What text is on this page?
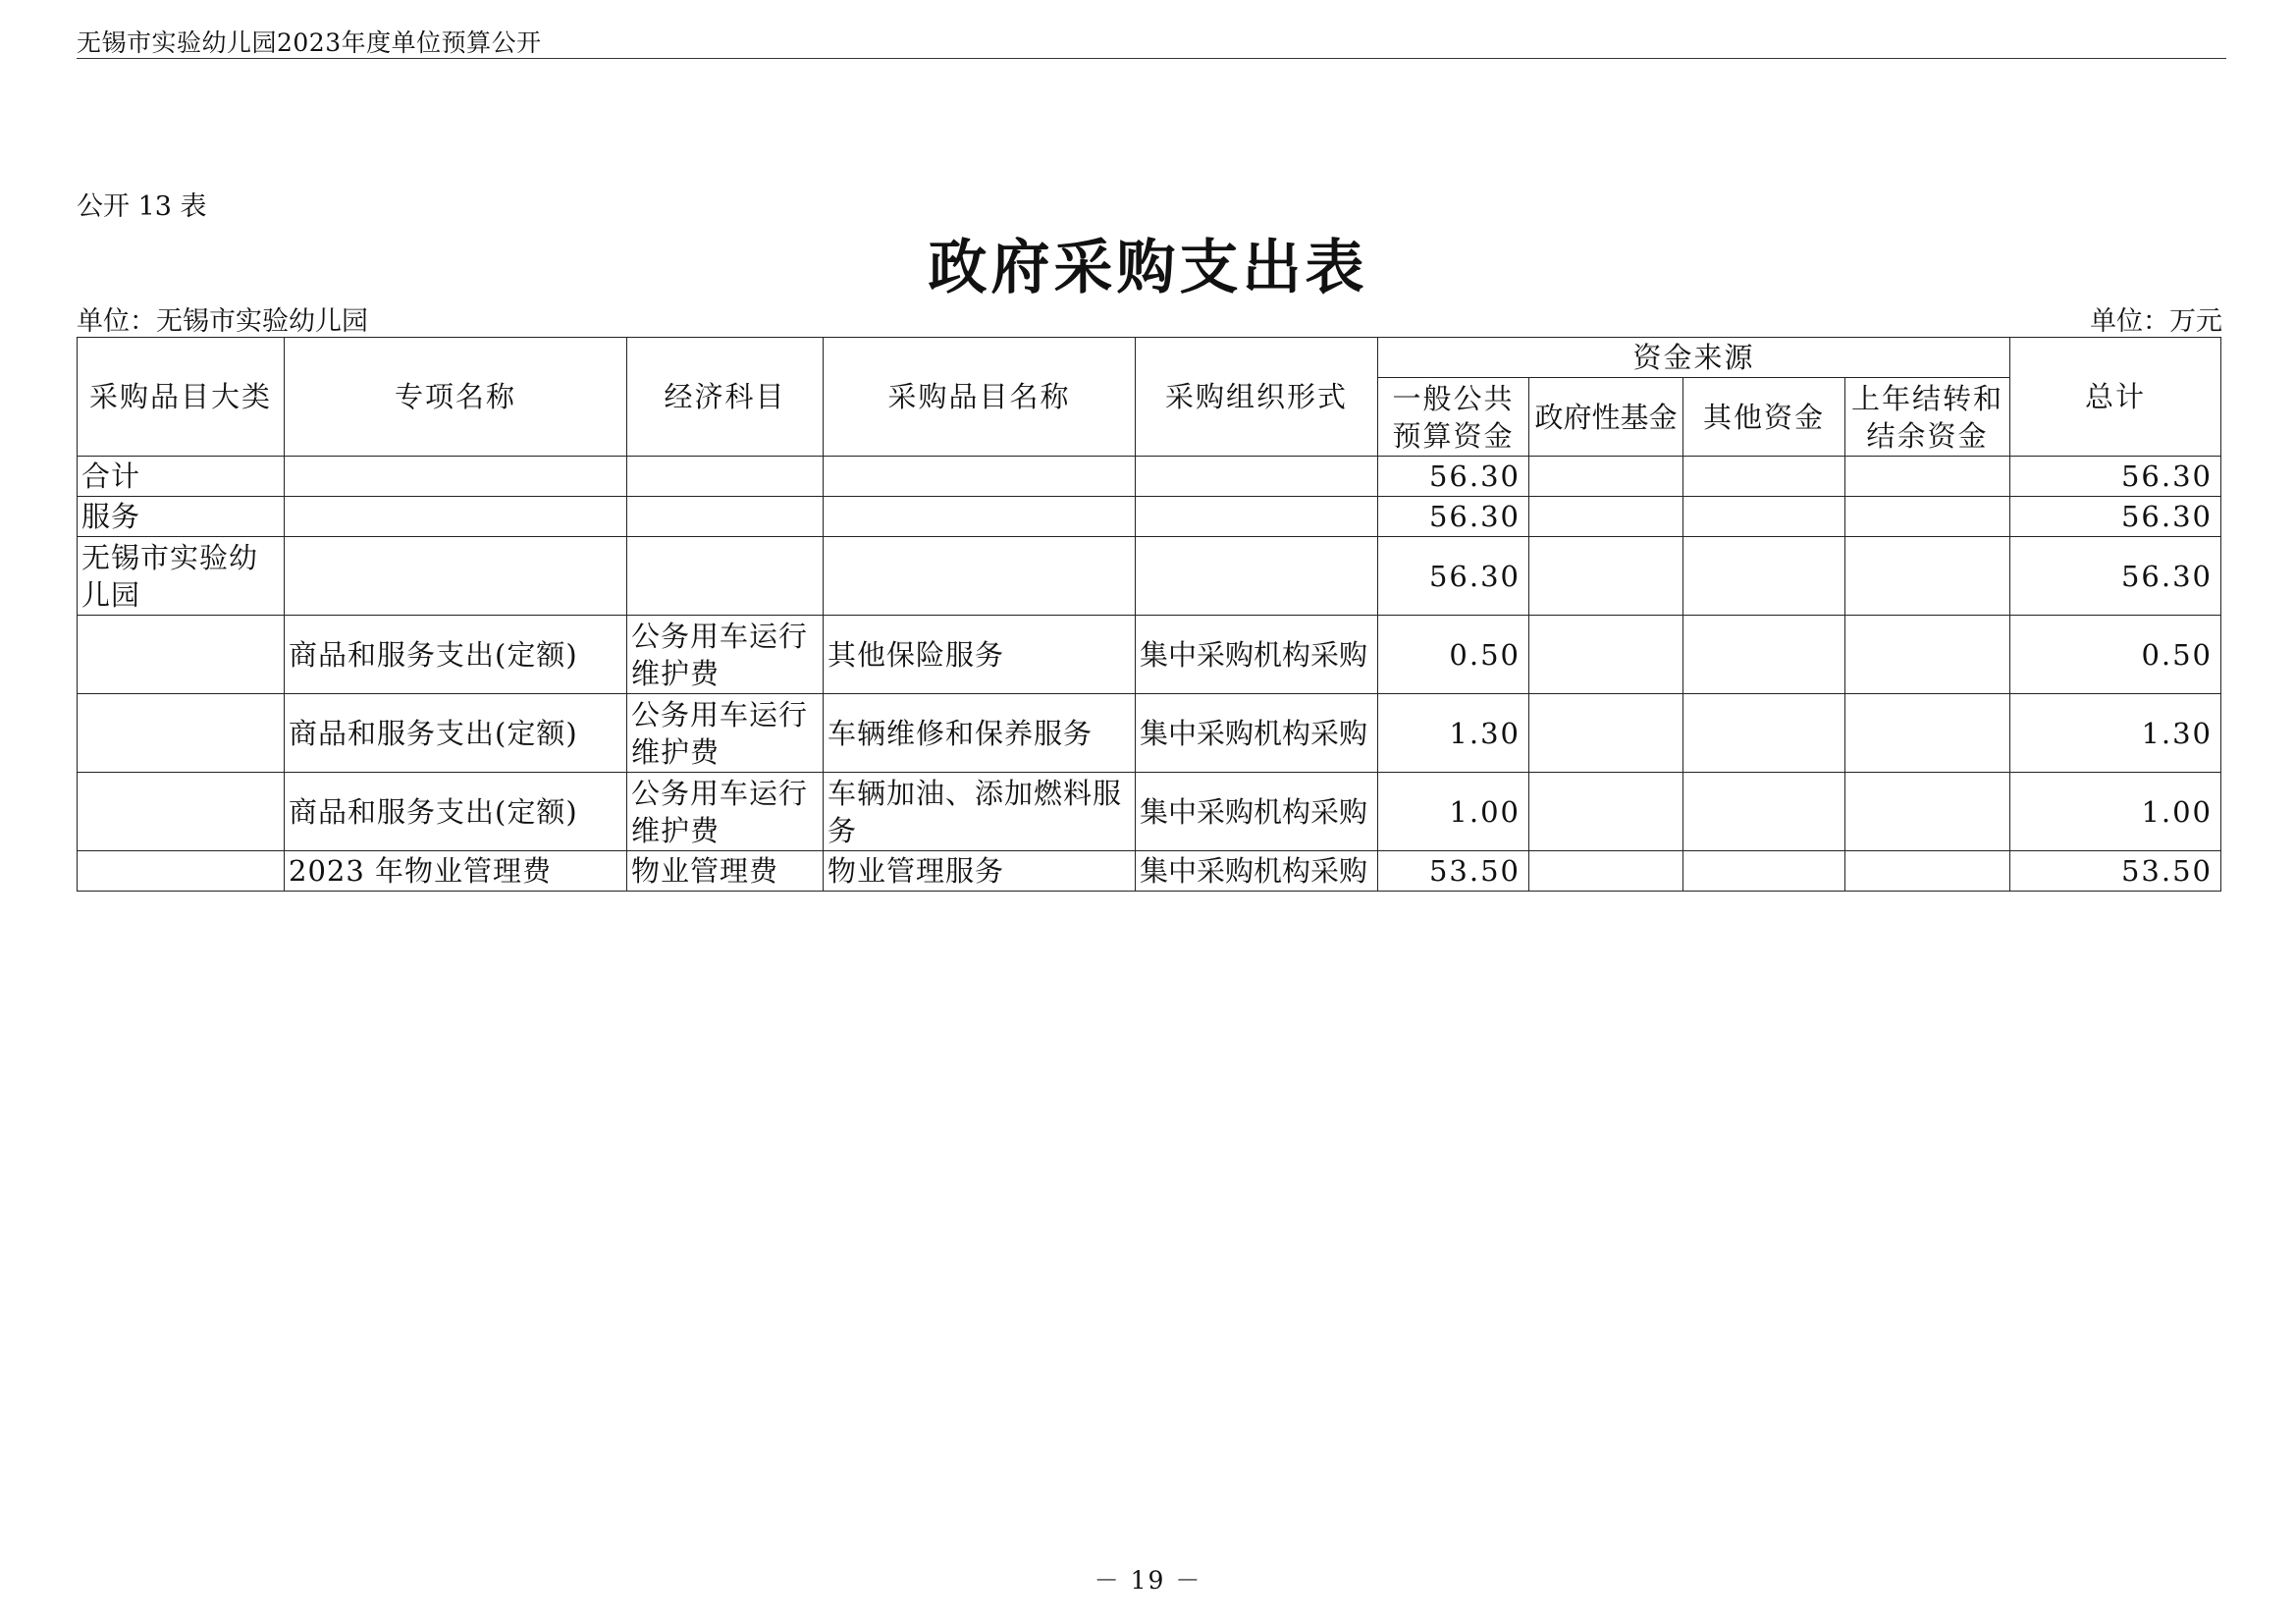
无锡市实验幼儿园2023年度单位预算公开
公开 13 表
政府采购支出表
单位：无锡市实验幼儿园	单位：万元
采购品目大类	专项名称	经济科目	采购品目名称	采购组织形式	资金来源				总计
					一般公共预算资金	政府性基金	其他资金	上年结转和结余资金	
合计					56.30				56.30
服务					56.30				56.30
无锡市实验幼儿园					56.30				56.30
	商品和服务支出(定额)	公务用车运行维护费	其他保险服务	集中采购机构采购	0.50				0.50
	商品和服务支出(定额)	公务用车运行维护费	车辆维修和保养服务	集中采购机构采购	1.30				1.30
	商品和服务支出(定额)	公务用车运行维护费	车辆加油、添加燃料服务	集中采购机构采购	1.00				1.00
	2023 年物业管理费	物业管理费	物业管理服务	集中采购机构采购	53.50				53.50
－ 19 －
